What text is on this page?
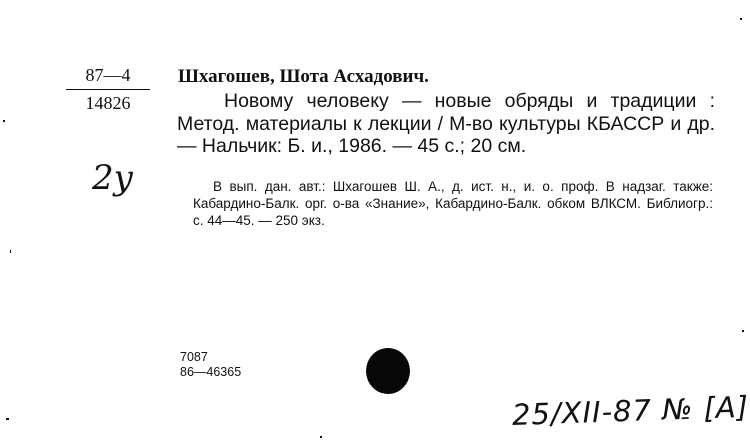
87—4
14826
2у
Шхагошев, Шота Асхадович.
Новому человеку — новые обряды и традиции : Метод. материалы к лекции / М-во культуры КБАССР и др. — Нальчик: Б. и., 1986. — 45 с.; 20 см.
В вып. дан. авт.: Шхагошев Ш. А., д. ист. н., и. о. проф. В надзаг. также: Кабардино-Балк. орг. о-ва «Знание», Кабардино-Балк. обком ВЛКСМ. Библиогр.: с. 44—45. — 250 экз.
7087
86—46365
25/XII-87 № [A]
